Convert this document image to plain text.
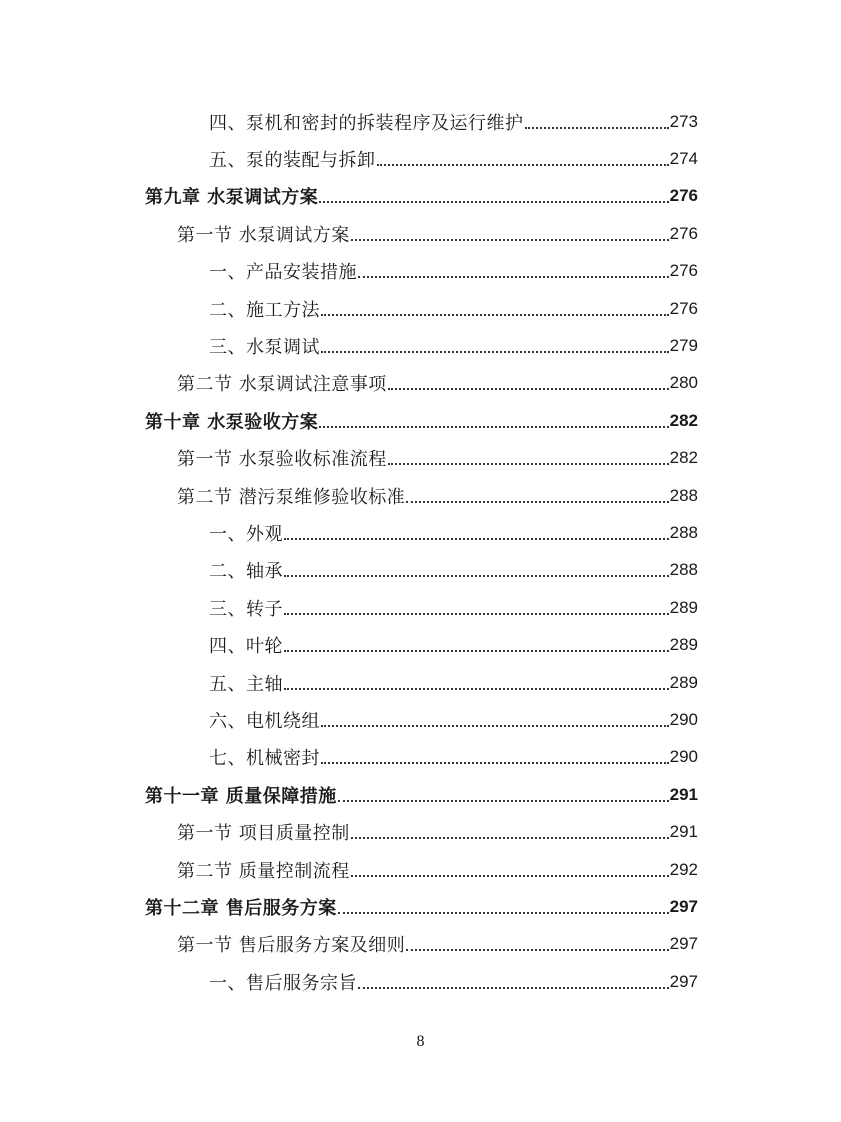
四、泵机和密封的拆装程序及运行维护	273
五、泵的装配与拆卸	274
第九章 水泵调试方案	276
第一节 水泵调试方案	276
一、产品安装措施	276
二、施工方法	276
三、水泵调试	279
第二节 水泵调试注意事项	280
第十章 水泵验收方案	282
第一节 水泵验收标准流程	282
第二节 潜污泵维修验收标准	288
一、外观	288
二、轴承	288
三、转子	289
四、叶轮	289
五、主轴	289
六、电机绕组	290
七、机械密封	290
第十一章 质量保障措施	291
第一节 项目质量控制	291
第二节 质量控制流程	292
第十二章 售后服务方案	297
第一节 售后服务方案及细则	297
一、售后服务宗旨	297
8
